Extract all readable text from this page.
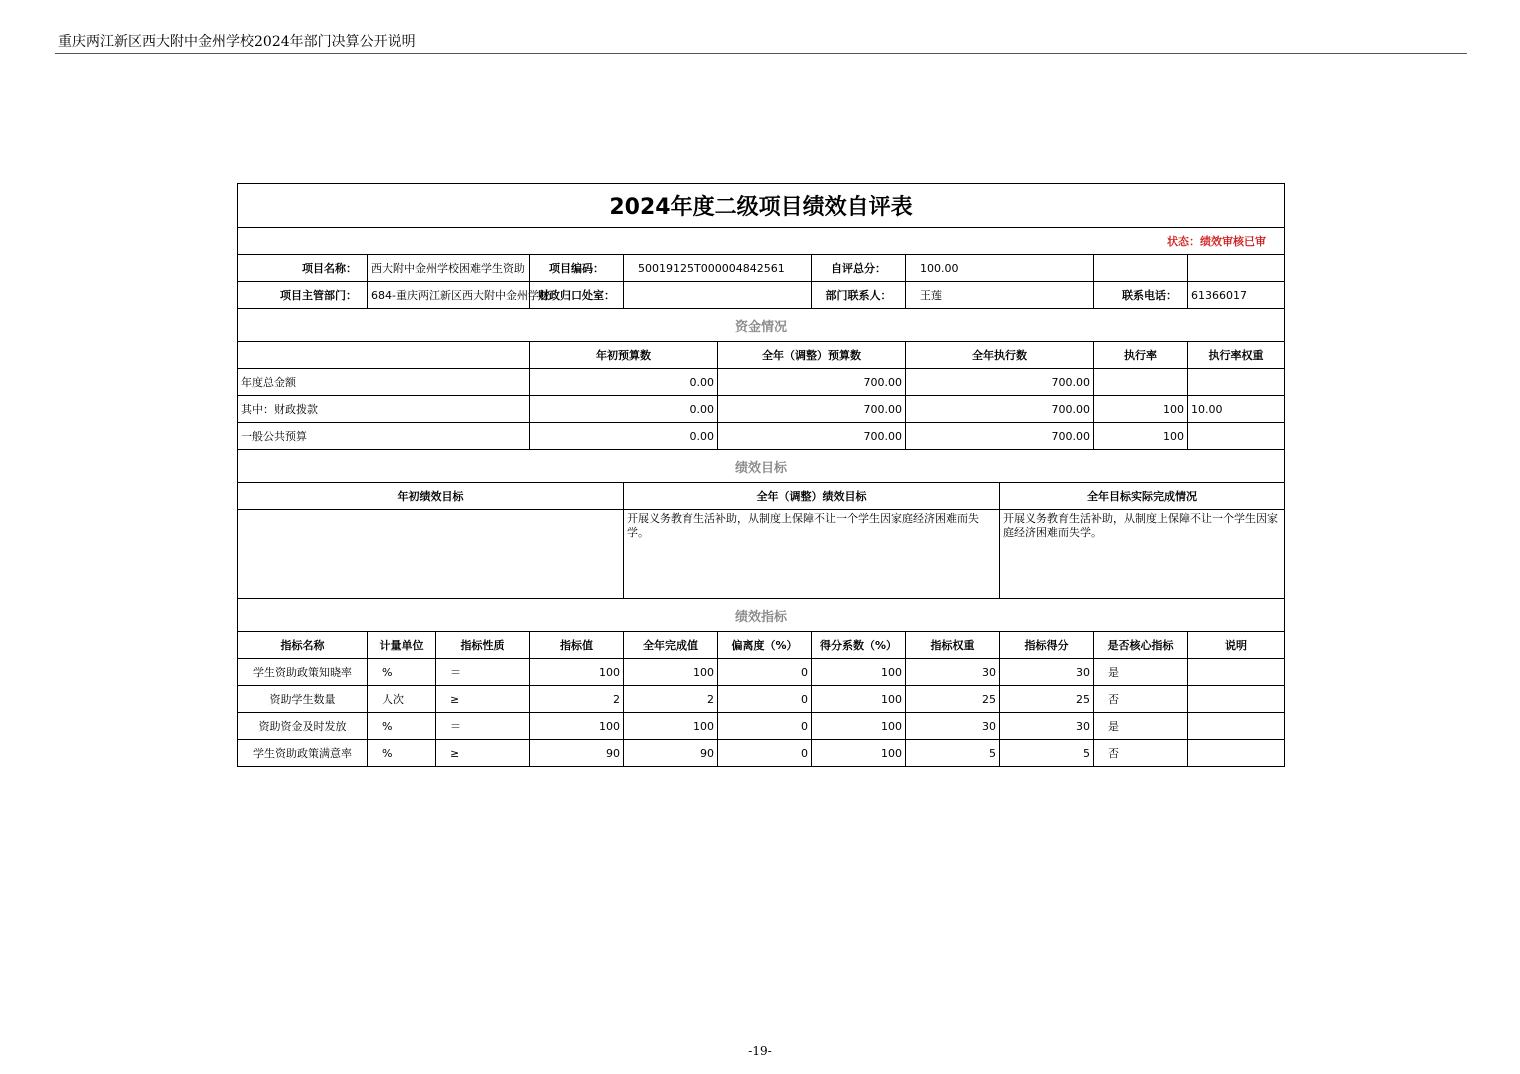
重庆两江新区西大附中金州学校2024年部门决算公开说明
2024年度二级项目绩效自评表											
状态：绩效审核已审											
项目名称：	西大附中金州学校困难学生资助		项目编码：	50019125T000004842561		自评总分：	100.00				
项目主管部门：	684-重庆两江新区西大附中金州学校		财政归口处室：			部门联系人：	王莲		联系电话：	61366017	
资金情况											
			年初预算数		全年（调整）预算数		全年执行数		执行率	执行率权重	
年度总金额			0.00		700.00		700.00				
其中：财政拨款			0.00		700.00		700.00		100	10.00	
一般公共预算			0.00		700.00		700.00		100		
绩效目标											
年初绩效目标				全年（调整）绩效目标				全年目标实际完成情况			
				开展义务教育生活补助，从制度上保障不让一个学生因家庭经济困难而失学。				开展义务教育生活补助，从制度上保障不让一个学生因家庭经济困难而失学。			
绩效指标											
指标名称	计量单位	指标性质	指标值	全年完成值	偏离度（%）	得分系数（%）	指标权重	指标得分	是否核心指标	说明	
学生资助政策知晓率	%	＝	100	100	0	100	30	30	是		
资助学生数量	人次	≥	2	2	0	100	25	25	否		
资助资金及时发放	%	＝	100	100	0	100	30	30	是		
学生资助政策满意率	%	≥	90	90	0	100	5	5	否		
-19-
